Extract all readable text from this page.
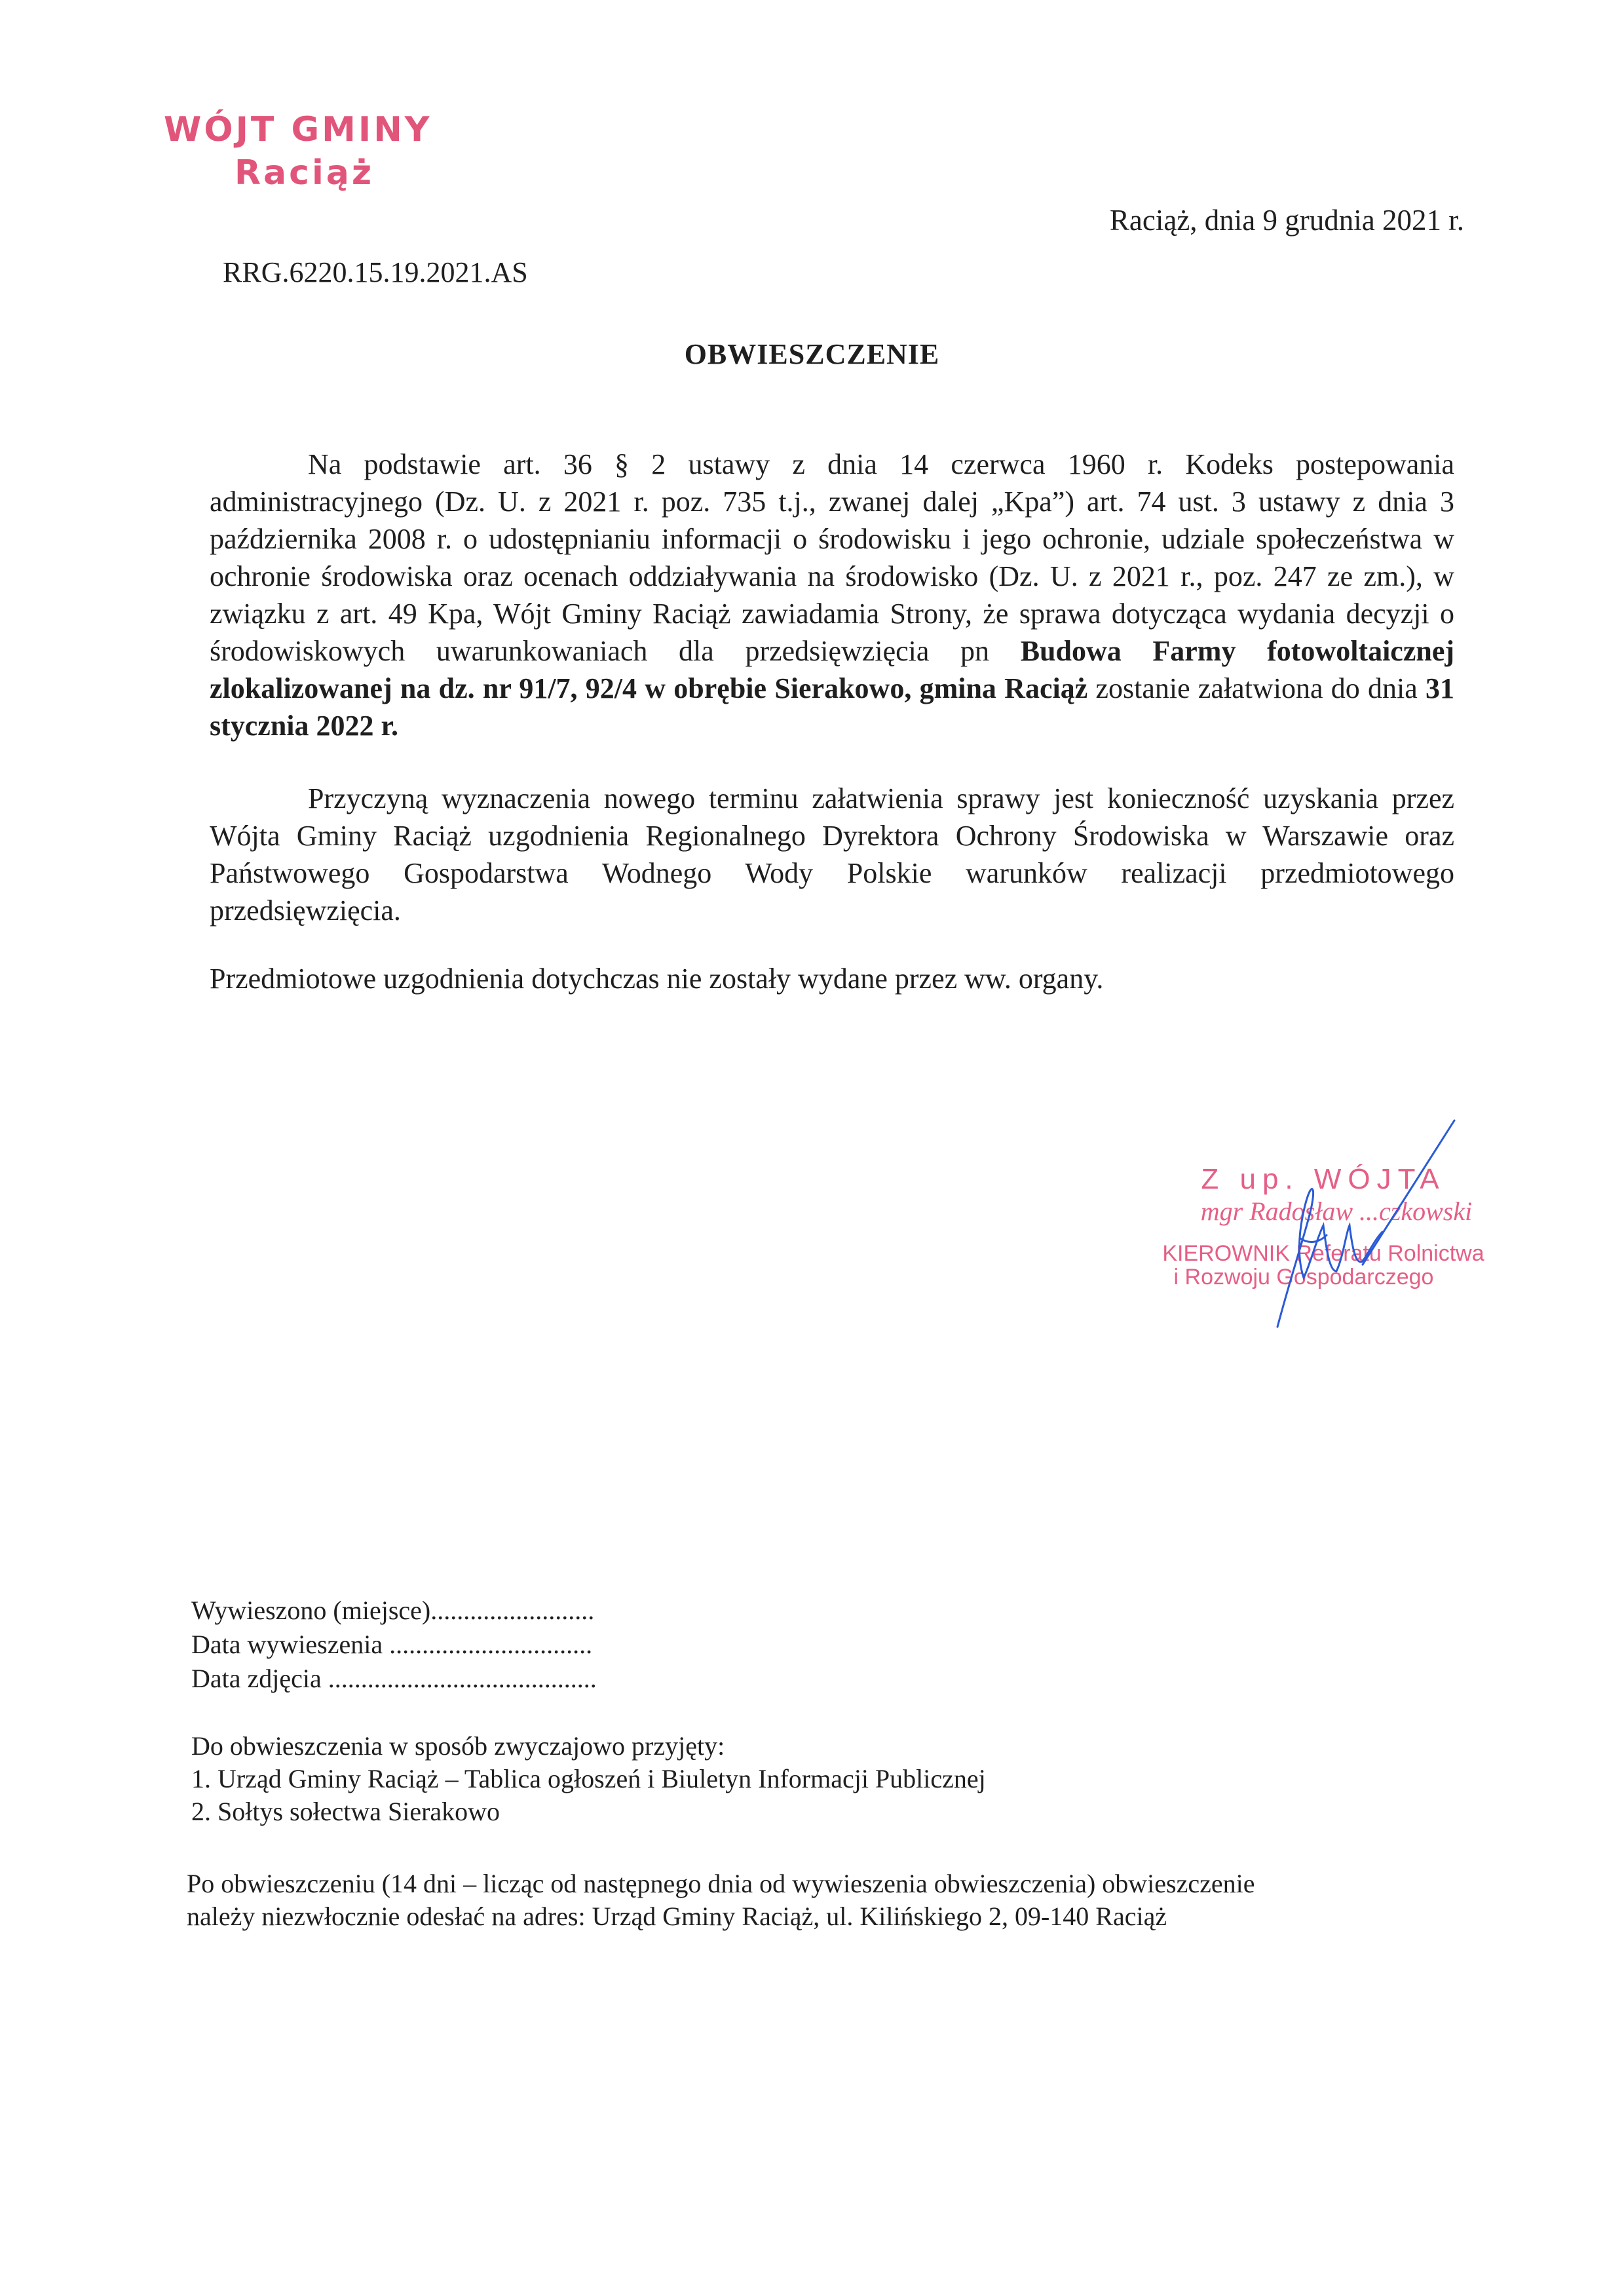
WÓJT GMINY
Raciąż
Raciąż, dnia 9 grudnia 2021 r.
RRG.6220.15.19.2021.AS
OBWIESZCZENIE

Na podstawie art. 36 § 2 ustawy z dnia 14 czerwca 1960 r. Kodeks postepowania administracyjnego (Dz. U. z 2021 r. poz. 735 t.j., zwanej dalej „Kpa”) art. 74 ust. 3 ustawy z dnia 3 października 2008 r. o udostępnianiu informacji o środowisku i jego ochronie, udziale społeczeństwa w ochronie środowiska oraz ocenach oddziaływania na środowisko (Dz. U. z 2021 r., poz. 247 ze zm.), w związku z art. 49 Kpa, Wójt Gminy Raciąż zawiadamia Strony, że sprawa dotycząca wydania decyzji o środowiskowych uwarunkowaniach dla przedsięwzięcia pn Budowa Farmy fotowoltaicznej zlokalizowanej na dz. nr 91/7, 92/4 w obrębie Sierakowo, gmina Raciąż zostanie załatwiona do dnia 31 stycznia 2022 r.

Przyczyną wyznaczenia nowego terminu załatwienia sprawy jest konieczność uzyskania przez Wójta Gminy Raciąż uzgodnienia Regionalnego Dyrektora Ochrony Środowiska w Warszawie oraz Państwowego Gospodarstwa Wodnego Wody Polskie warunków realizacji przedmiotowego przedsięwzięcia.

Przedmiotowe uzgodnienia dotychczas nie zostały wydane przez ww. organy.

Z up. WÓJTA
mgr Radosław ...czkowski
KIEROWNIK Referatu Rolnictwa
i Rozwoju Gospodarczego
Wywieszono (miejsce).........................
Data wywieszenia ...............................
Data zdjęcia .........................................
Do obwieszczenia w sposób zwyczajowo przyjęty:
1. Urząd Gminy Raciąż – Tablica ogłoszeń i Biuletyn Informacji Publicznej
2. Sołtys sołectwa Sierakowo
Po obwieszczeniu (14 dni – licząc od następnego dnia od wywieszenia obwieszczenia) obwieszczenie
należy niezwłocznie odesłać na adres: Urząd Gminy Raciąż, ul. Kilińskiego 2, 09-140 Raciąż
